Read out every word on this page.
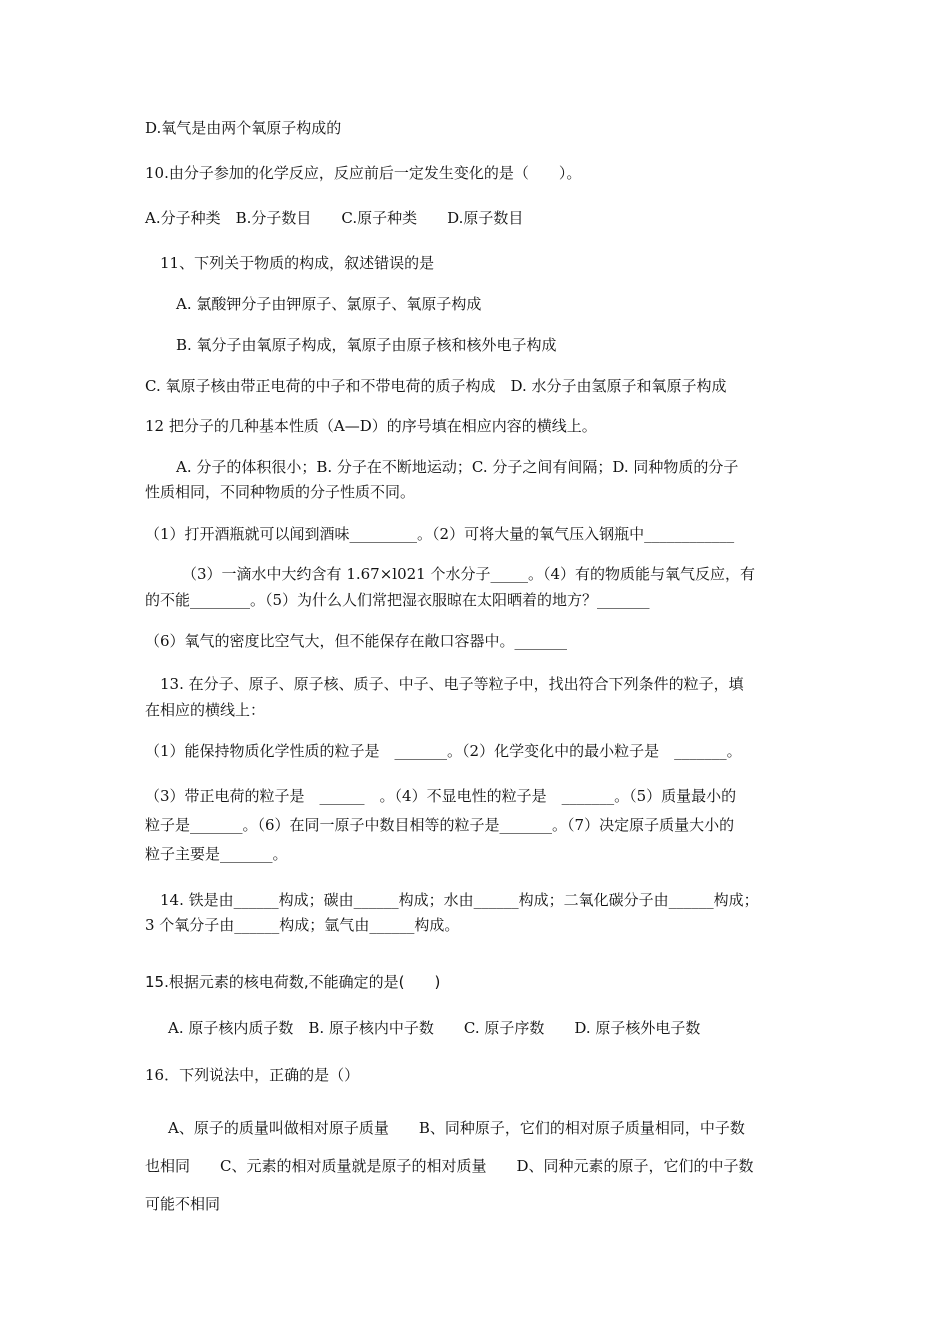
D.氧气是由两个氧原子构成的
10.由分子参加的化学反应，反应前后一定发生变化的是（　　）。
A.分子种类　B.分子数目　　C.原子种类　　D.原子数目
11、下列关于物质的构成，叙述错误的是
A. 氯酸钾分子由钾原子、氯原子、氧原子构成
B. 氧分子由氧原子构成，氧原子由原子核和核外电子构成
C. 氧原子核由带正电荷的中子和不带电荷的质子构成　D. 水分子由氢原子和氧原子构成
12 把分子的几种基本性质（A—D）的序号填在相应内容的横线上。
A. 分子的体积很小；B. 分子在不断地运动；C. 分子之间有间隔；D. 同种物质的分子
性质相同，不同种物质的分子性质不同。
（1）打开酒瓶就可以闻到酒味_________。（2）可将大量的氧气压入钢瓶中____________
（3）一滴水中大约含有 1.67×l021 个水分子_____。（4）有的物质能与氧气反应，有
的不能________。（5）为什么人们常把湿衣服晾在太阳晒着的地方？_______
（6）氧气的密度比空气大，但不能保存在敞口容器中。_______
13. 在分子、原子、原子核、质子、中子、电子等粒子中，找出符合下列条件的粒子，填
在相应的横线上：
（1）能保持物质化学性质的粒子是　_______。（2）化学变化中的最小粒子是　_______。
（3）带正电荷的粒子是　______　。（4）不显电性的粒子是　_______。（5）质量最小的
粒子是_______。（6）在同一原子中数目相等的粒子是_______。（7）决定原子质量大小的
粒子主要是_______。
14. 铁是由______构成；碳由______构成；水由______构成；二氧化碳分子由______构成；
3 个氧分子由______构成；氩气由______构成。
15.根据元素的核电荷数,不能确定的是(　　)
A. 原子核内质子数　B. 原子核内中子数　　C. 原子序数　　D. 原子核外电子数
16．下列说法中，正确的是（）
A、原子的质量叫做相对原子质量　　B、同种原子，它们的相对原子质量相同，中子数
也相同　　C、元素的相对质量就是原子的相对质量　　D、同种元素的原子，它们的中子数
可能不相同
